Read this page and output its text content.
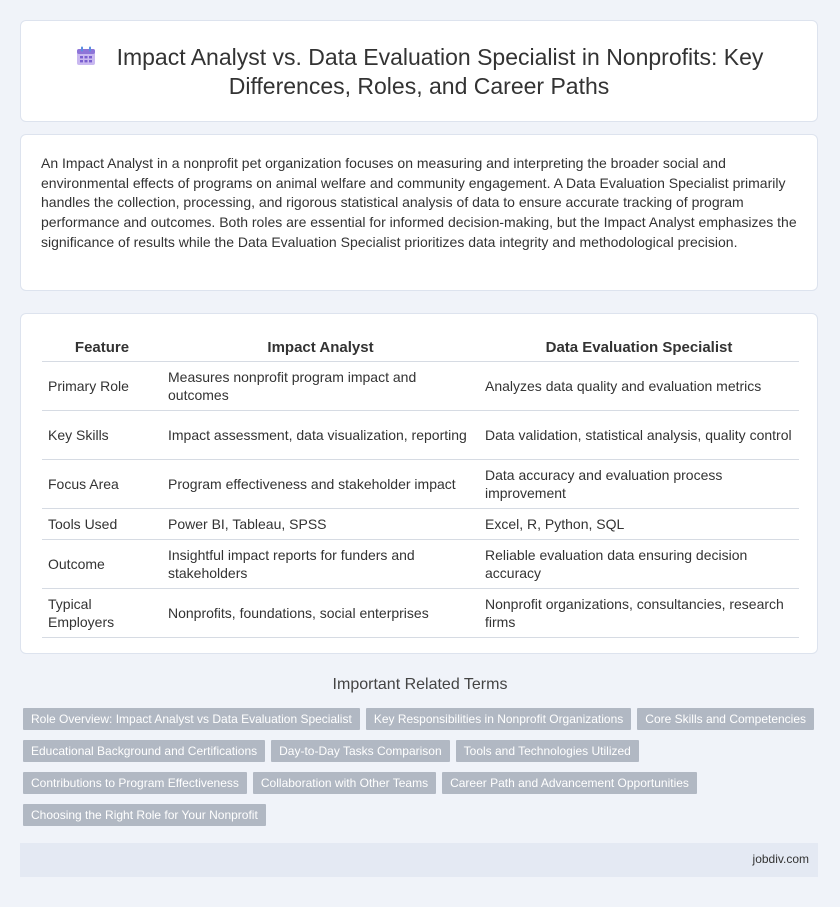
Impact Analyst vs. Data Evaluation Specialist in Nonprofits: Key Differences, Roles, and Career Paths

An Impact Analyst in a nonprofit pet organization focuses on measuring and interpreting the broader social and environmental effects of programs on animal welfare and community engagement. A Data Evaluation Specialist primarily handles the collection, processing, and rigorous statistical analysis of data to ensure accurate tracking of program performance and outcomes. Both roles are essential for informed decision-making, but the Impact Analyst emphasizes the significance of results while the Data Evaluation Specialist prioritizes data integrity and methodological precision.

Feature	Impact Analyst	Data Evaluation Specialist
Primary Role	Measures nonprofit program impact and outcomes	Analyzes data quality and evaluation metrics
Key Skills	Impact assessment, data visualization, reporting	Data validation, statistical analysis, quality control
Focus Area	Program effectiveness and stakeholder impact	Data accuracy and evaluation process improvement
Tools Used	Power BI, Tableau, SPSS	Excel, R, Python, SQL
Outcome	Insightful impact reports for funders and stakeholders	Reliable evaluation data ensuring decision accuracy
Typical Employers	Nonprofits, foundations, social enterprises	Nonprofit organizations, consultancies, research firms
Important Related Terms
Role Overview: Impact Analyst vs Data Evaluation Specialist Key Responsibilities in Nonprofit Organizations Core Skills and Competencies
Educational Background and Certifications Day-to-Day Tasks Comparison Tools and Technologies Utilized
Contributions to Program Effectiveness Collaboration with Other Teams Career Path and Advancement Opportunities
Choosing the Right Role for Your Nonprofit
jobdiv.com
